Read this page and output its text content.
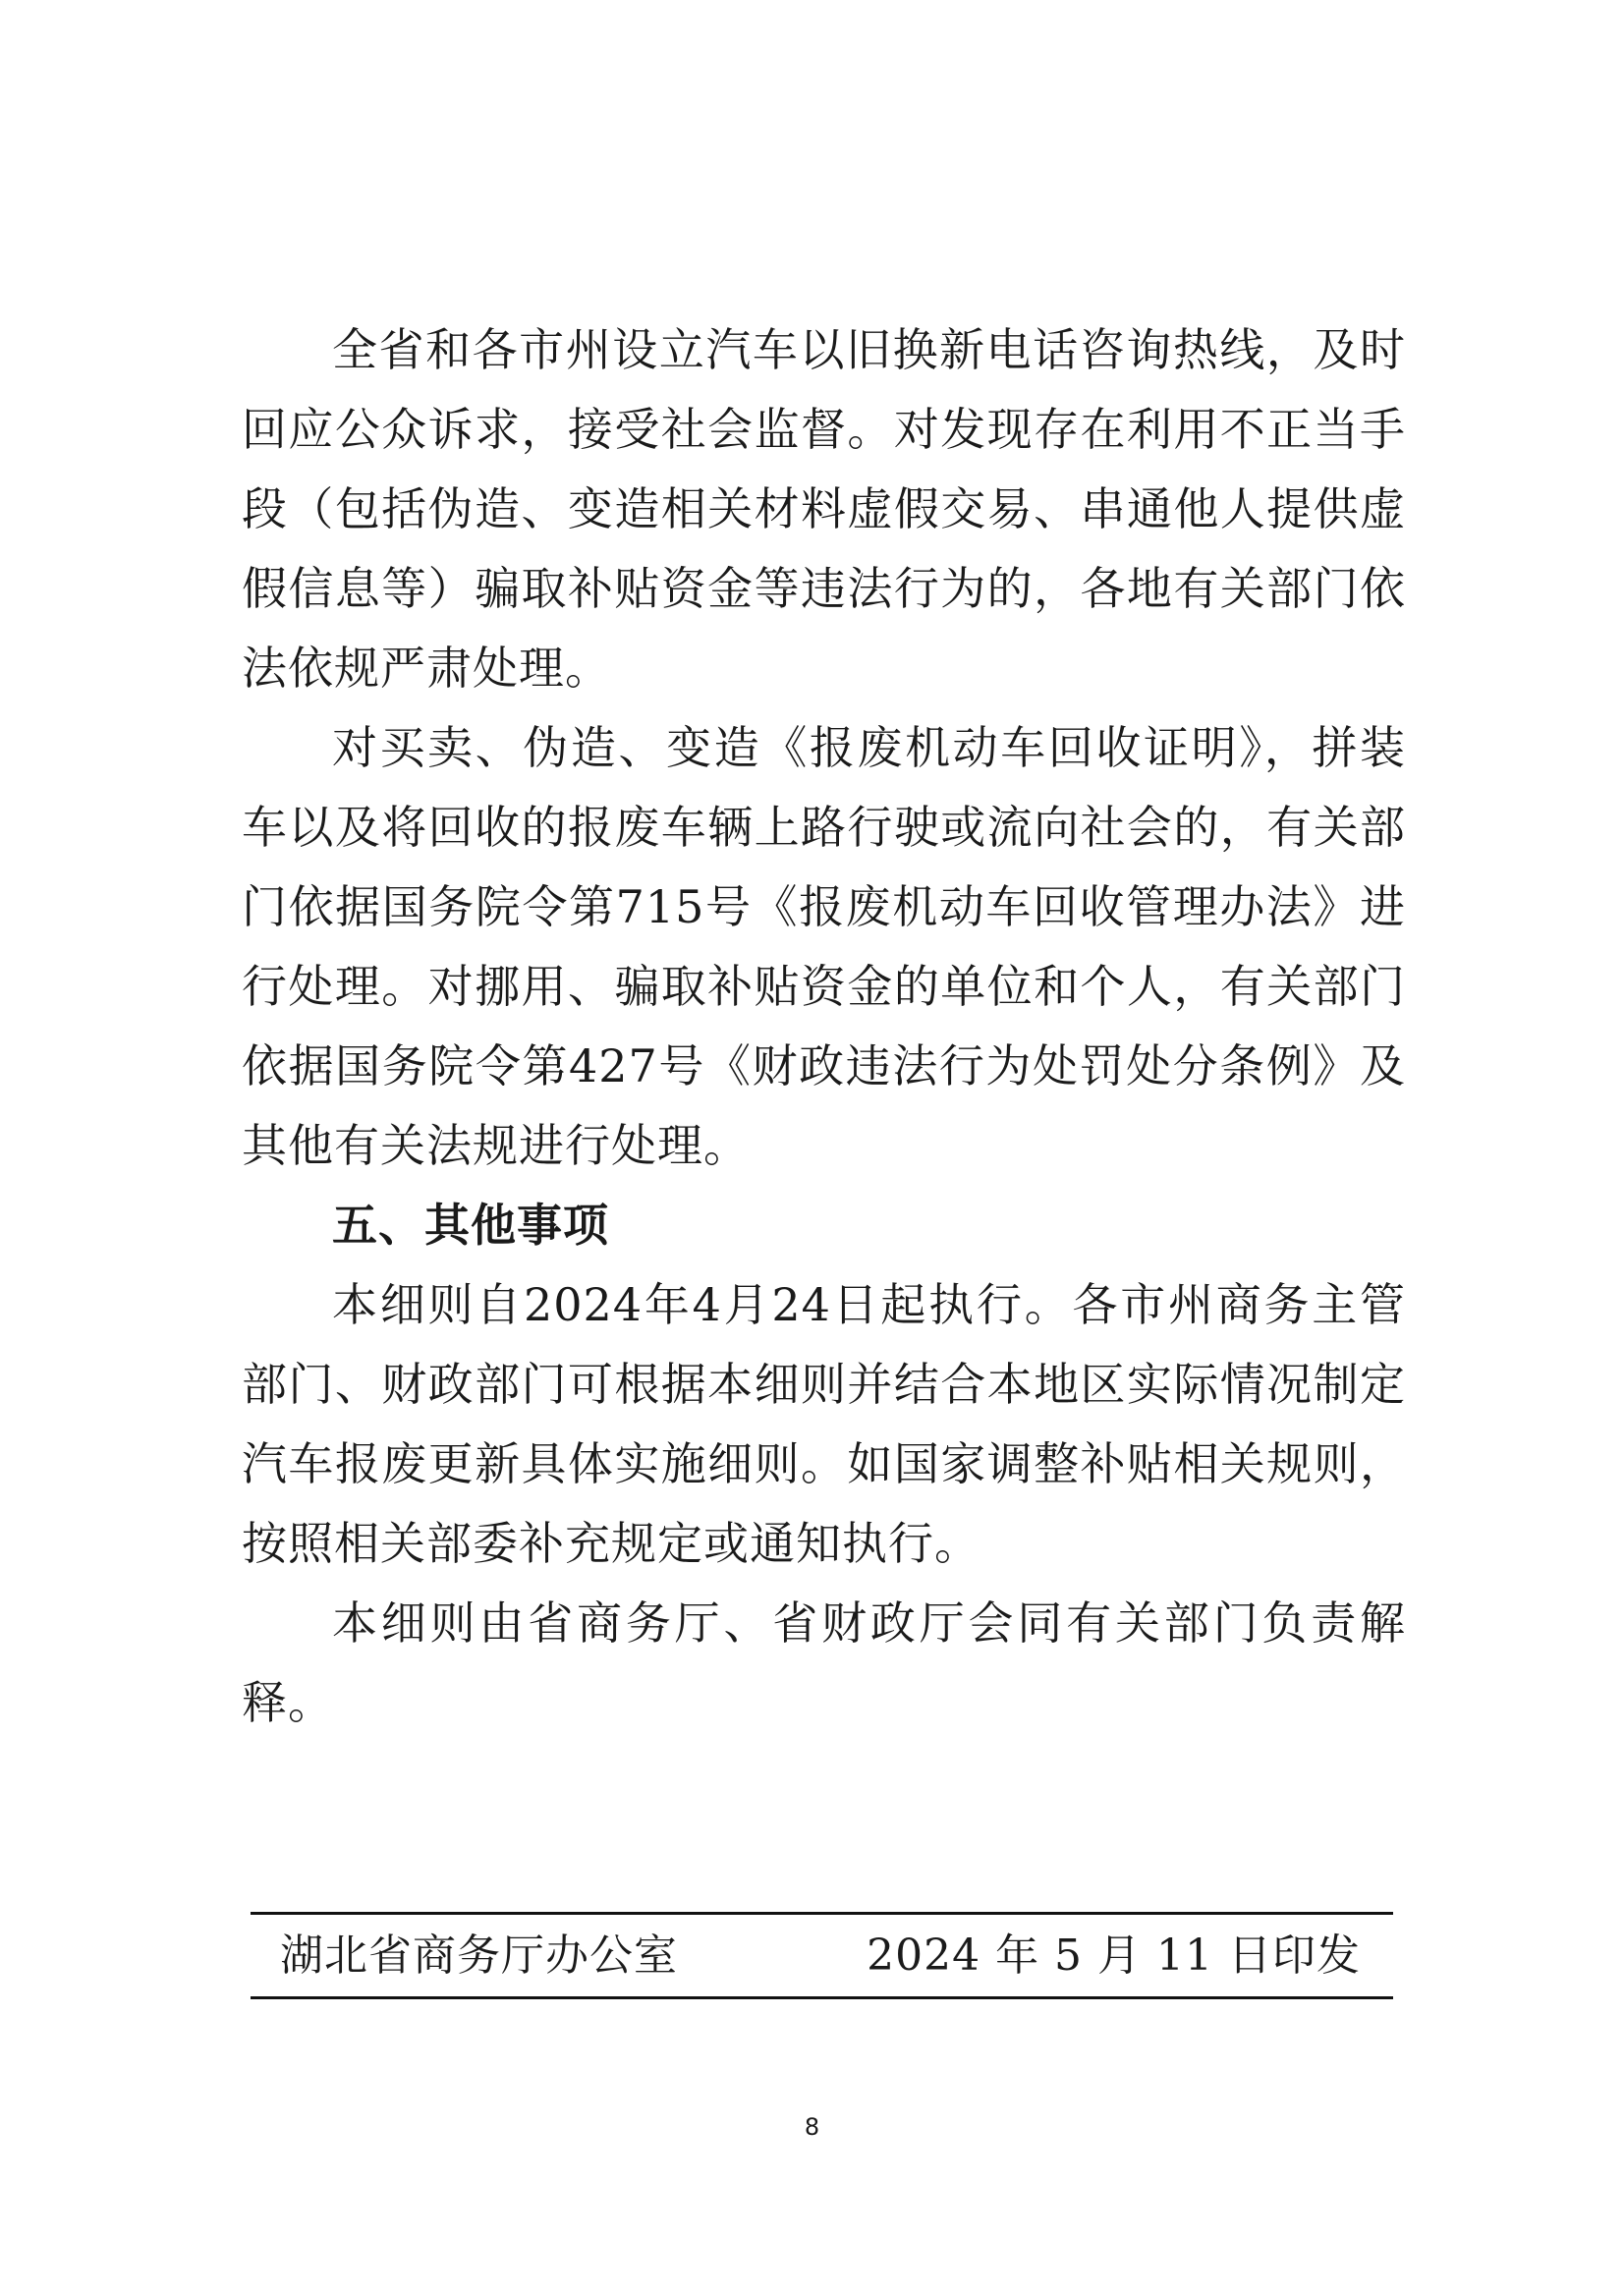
全省和各市州设立汽车以旧换新电话咨询热线，及时回应公众诉求，接受社会监督。对发现存在利用不正当手段（包括伪造、变造相关材料虚假交易、串通他人提供虚假信息等）骗取补贴资金等违法行为的，各地有关部门依法依规严肃处理。

对买卖、伪造、变造《报废机动车回收证明》，拼装车以及将回收的报废车辆上路行驶或流向社会的，有关部门依据国务院令第715号《报废机动车回收管理办法》进行处理。对挪用、骗取补贴资金的单位和个人，有关部门依据国务院令第427号《财政违法行为处罚处分条例》及其他有关法规进行处理。

五、其他事项

本细则自2024年4月24日起执行。各市州商务主管部门、财政部门可根据本细则并结合本地区实际情况制定汽车报废更新具体实施细则。如国家调整补贴相关规则，按照相关部委补充规定或通知执行。

本细则由省商务厅、省财政厅会同有关部门负责解释。

湖北省商务厅办公室	2024 年 5 月 11 日印发
8
